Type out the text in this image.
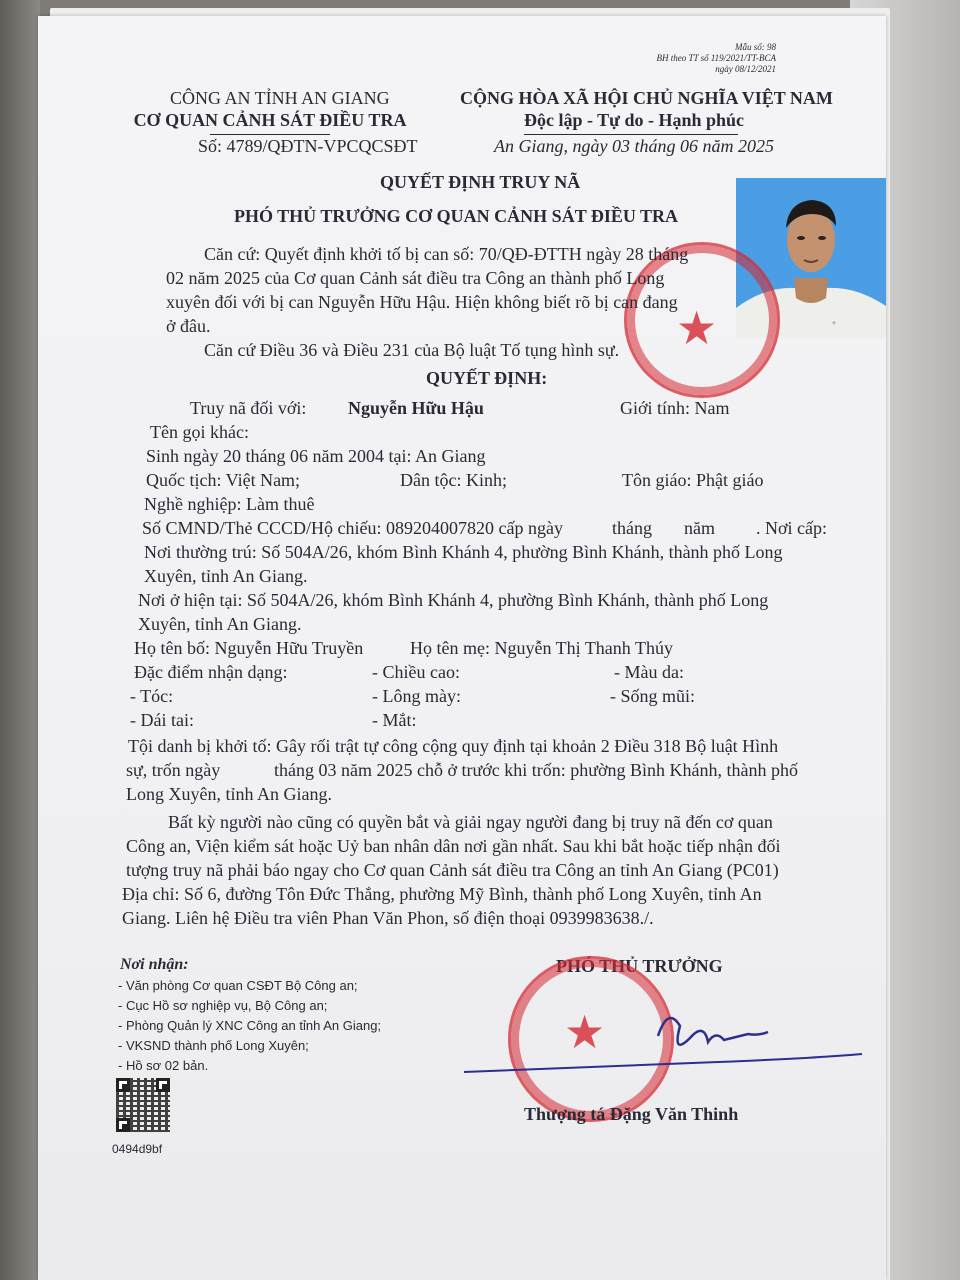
Mẫu số: 98
BH theo TT số 119/2021/TT-BCA
ngày 08/12/2021
CÔNG AN TỈNH AN GIANG
CƠ QUAN CẢNH SÁT ĐIỀU TRA
Số: 4789/QĐTN-VPCQCSĐT
CỘNG HÒA XÃ HỘI CHỦ NGHĨA VIỆT NAM
Độc lập - Tự do - Hạnh phúc
An Giang, ngày 03 tháng 06 năm 2025
QUYẾT ĐỊNH TRUY NÃ
PHÓ THỦ TRƯỞNG CƠ QUAN CẢNH SÁT ĐIỀU TRA
*
★
Căn cứ: Quyết định khởi tố bị can số: 70/QĐ-ĐTTH ngày 28 tháng
02 năm 2025 của Cơ quan Cảnh sát điều tra Công an thành phố Long
xuyên đối với bị can Nguyễn Hữu Hậu. Hiện không biết rõ bị can đang
ở đâu.
Căn cứ Điều 36 và Điều 231 của Bộ luật Tố tụng hình sự.
QUYẾT ĐỊNH:
Truy nã đối với: Nguyễn Hữu Hậu	Giới tính: Nam
Tên gọi khác:
Sinh ngày 20 tháng 06 năm 2004 tại: An Giang
Quốc tịch: Việt Nam;	Dân tộc: Kinh;	Tôn giáo: Phật giáo
Nghề nghiệp: Làm thuê
Số CMND/Thẻ CCCD/Hộ chiếu: 089204007820 cấp ngày	tháng năm . Nơi cấp:
Nơi thường trú: Số 504A/26, khóm Bình Khánh 4, phường Bình Khánh, thành phố Long
Xuyên, tỉnh An Giang.
Nơi ở hiện tại: Số 504A/26, khóm Bình Khánh 4, phường Bình Khánh, thành phố Long
Xuyên, tỉnh An Giang.
Họ tên bố: Nguyễn Hữu Truyền	Họ tên mẹ: Nguyễn Thị Thanh Thúy
Đặc điểm nhận dạng:	- Chiều cao:	- Màu da:
- Tóc:	- Lông mày:	- Sống mũi:
- Dái tai:	- Mắt:
Tội danh bị khởi tố: Gây rối trật tự công cộng quy định tại khoản 2 Điều 318 Bộ luật Hình
sự, trốn ngày	tháng 03 năm 2025 chỗ ở trước khi trốn: phường Bình Khánh, thành phố
Long Xuyên, tỉnh An Giang.
Bất kỳ người nào cũng có quyền bắt và giải ngay người đang bị truy nã đến cơ quan
Công an, Viện kiểm sát hoặc Uỷ ban nhân dân nơi gần nhất. Sau khi bắt hoặc tiếp nhận đối
tượng truy nã phải báo ngay cho Cơ quan Cảnh sát điều tra Công an tỉnh An Giang (PC01)
Địa chỉ: Số 6, đường Tôn Đức Thắng, phường Mỹ Bình, thành phố Long Xuyên, tỉnh An
Giang. Liên hệ Điều tra viên Phan Văn Phon, số điện thoại 0939983638./.
Nơi nhận:
- Văn phòng Cơ quan CSĐT Bộ Công an;
- Cục Hồ sơ nghiệp vụ, Bộ Công an;
- Phòng Quản lý XNC Công an tỉnh An Giang;
- VKSND thành phố Long Xuyên;
- Hồ sơ 02 bản.
0494d9bf
PHÓ THỦ TRƯỞNG
★
Thượng tá Đặng Văn Thinh
